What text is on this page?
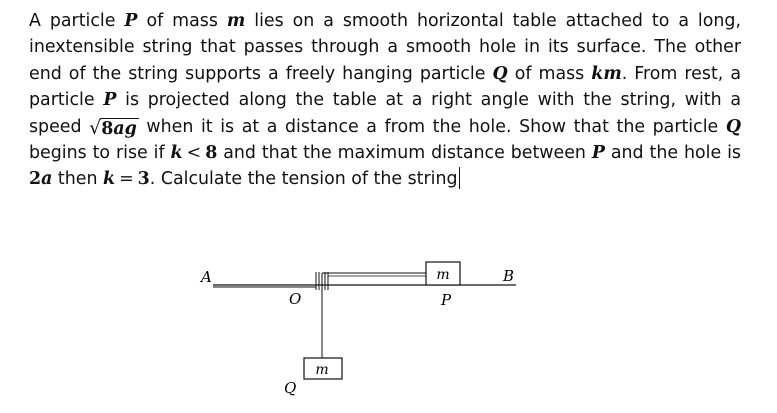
A particle P of mass m lies on a smooth horizontal table attached to a long, inextensible string that passes through a smooth hole in its surface. The other end of the string supports a freely hanging particle Q of mass km. From rest, a particle P is projected along the table at a right angle with the string, with a speed √ 8ag when it is at a distance a from the hole. Show that the particle Q begins to rise if k < 8 and that the maximum distance between P and the hole is 2a then k = 3. Calculate the tension of the string
m
m
A	B
O	P
Q
